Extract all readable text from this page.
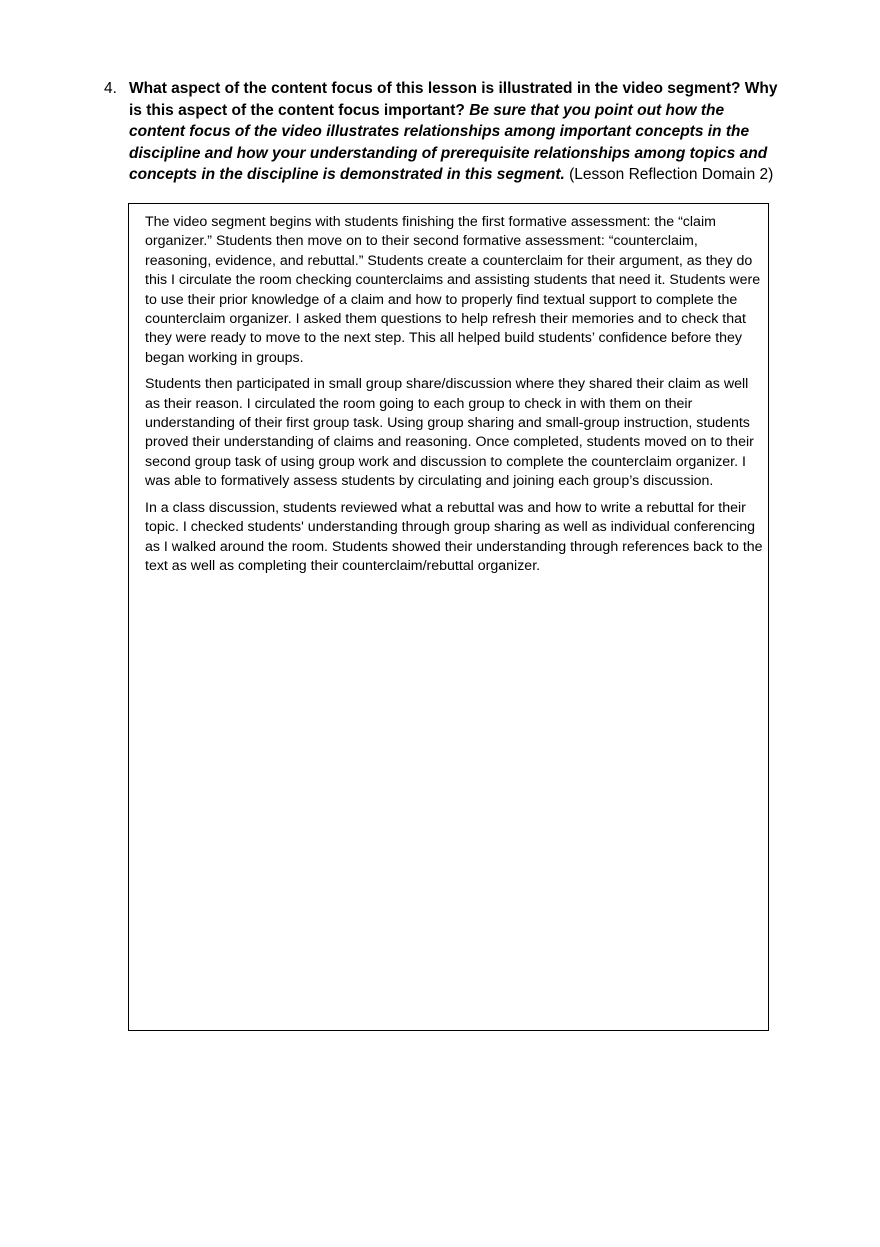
4. What aspect of the content focus of this lesson is illustrated in the video segment? Why is this aspect of the content focus important? Be sure that you point out how the content focus of the video illustrates relationships among important concepts in the discipline and how your understanding of prerequisite relationships among topics and concepts in the discipline is demonstrated in this segment. (Lesson Reflection Domain 2)

The video segment begins with students finishing the first formative assessment: the “claim organizer.” Students then move on to their second formative assessment: “counterclaim, reasoning, evidence, and rebuttal.” Students create a counterclaim for their argument, as they do this I circulate the room checking counterclaims and assisting students that need it. Students were to use their prior knowledge of a claim and how to properly find textual support to complete the counterclaim organizer. I asked them questions to help refresh their memories and to check that they were ready to move to the next step. This all helped build students’ confidence before they began working in groups.

Students then participated in small group share/discussion where they shared their claim as well as their reason. I circulated the room going to each group to check in with them on their understanding of their first group task. Using group sharing and small-group instruction, students proved their understanding of claims and reasoning. Once completed, students moved on to their second group task of using group work and discussion to complete the counterclaim organizer. I was able to formatively assess students by circulating and joining each group’s discussion.

In a class discussion, students reviewed what a rebuttal was and how to write a rebuttal for their topic. I checked students' understanding through group sharing as well as individual conferencing as I walked around the room. Students showed their understanding through references back to the text as well as completing their counterclaim/rebuttal organizer.
